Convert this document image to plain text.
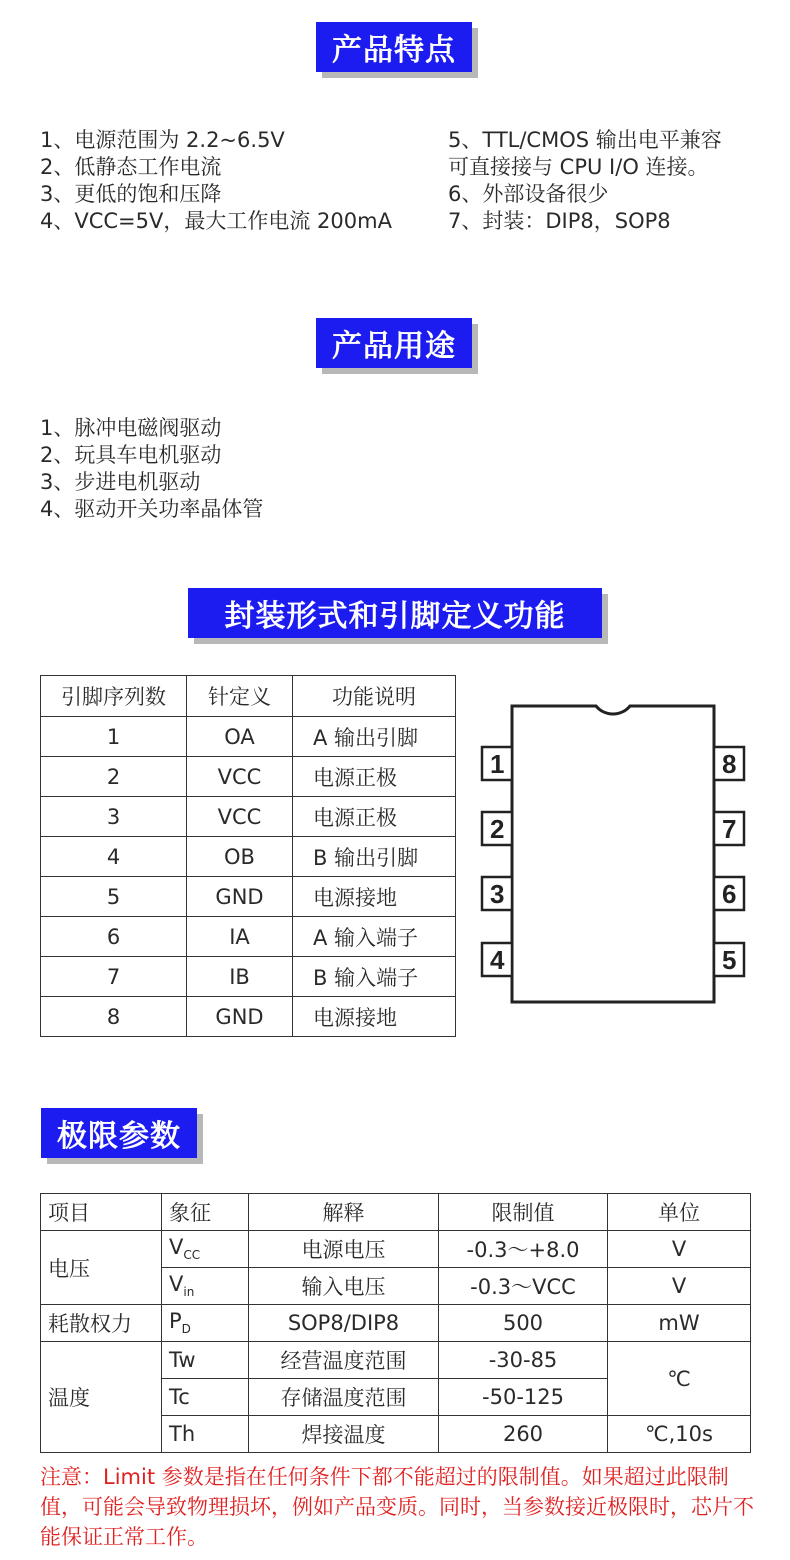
产品特点
1、电源范围为 2.2~6.5V
2、低静态工作电流
3、更低的饱和压降
4、VCC=5V，最大工作电流 200mA
5、TTL/CMOS 输出电平兼容
可直接接与 CPU I/O 连接。
6、外部设备很少
7、封装：DIP8，SOP8
产品用途
1、脉冲电磁阀驱动
2、玩具车电机驱动
3、步进电机驱动
4、驱动开关功率晶体管
封装形式和引脚定义功能
引脚序列数	针定义	功能说明
1	OA	A 输出引脚
2	VCC	电源正极
3	VCC	电源正极
4	OB	B 输出引脚
5	GND	电源接地
6	IA	A 输入端子
7	IB	B 输入端子
8	GND	电源接地
1
2
3
4
8
7
6
5
极限参数
项目	象征	解释	限制值	单位
电压	$V_{CC}$	电源电压	-0.3～+8.0	V
	$V_{in}$	输入电压	-0.3～VCC	V
耗散权力	$P_D$	SOP8/DIP8	500	mW
温度	Tw	经营温度范围	-30-85	℃
	Tc	存储温度范围	-50-125	
	Th	焊接温度	260	℃,10s
注意：Limit 参数是指在任何条件下都不能超过的限制值。如果超过此限制值，可能会导致物理损坏，例如产品变质。同时，当参数接近极限时，芯片不能保证正常工作。
